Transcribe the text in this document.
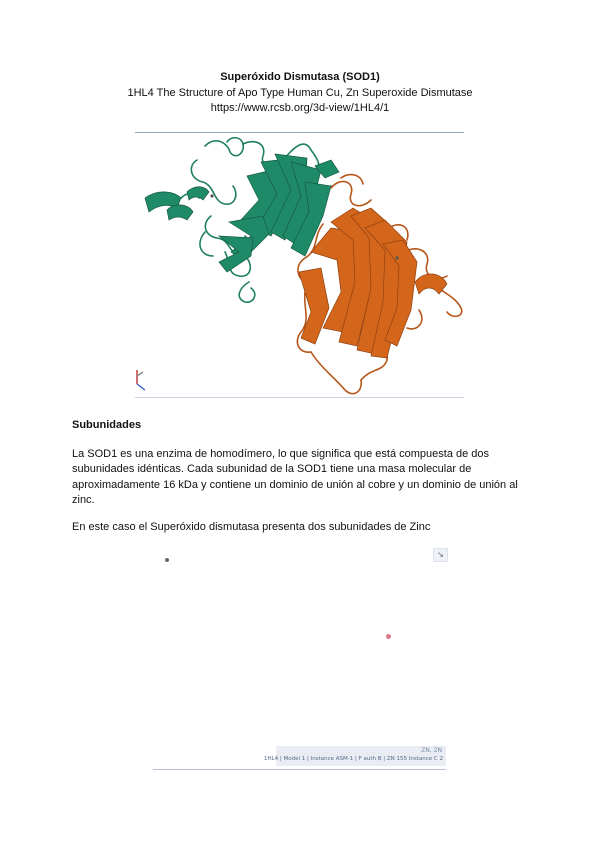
Superóxido Dismutasa (SOD1)
1HL4 The Structure of Apo Type Human Cu, Zn Superoxide Dismutase
https://www.rcsb.org/3d-view/1HL4/1
Subunidades
La SOD1 es una enzima de homodímero, lo que significa que está compuesta de dos subunidades idénticas. Cada subunidad de la SOD1 tiene una masa molecular de aproximadamente 16 kDa y contiene un dominio de unión al cobre y un dominio de unión al zinc.
En este caso el Superóxido dismutasa presenta dos subunidades de Zinc
↘
ZN, 2N
1HL4 | Model 1 | Instance ASM-1 | F auth B | ZN 155 Instance C 2
